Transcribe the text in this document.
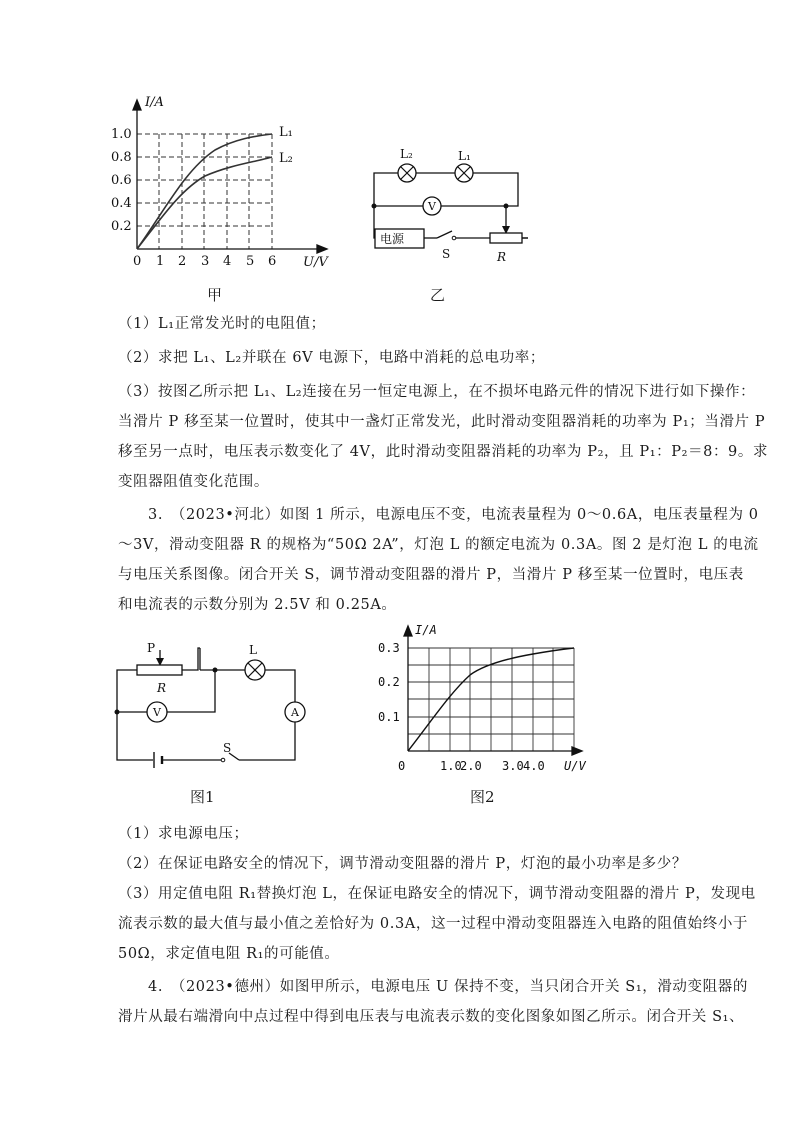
I/A
U/V
1.0
0.8
0.6
0.4
0.2
0 1 2 3 4 5 6
L₁
L₂
甲
L₂	L₁
V
电源
S	R
乙
（1）L₁正常发光时的电阻值；
（2）求把 L₁、L₂并联在 6V 电源下，电路中消耗的总电功率；
（3）按图乙所示把 L₁、L₂连接在另一恒定电源上，在不损坏电路元件的情况下进行如下操作：
当滑片 P 移至某一位置时，使其中一盏灯正常发光，此时滑动变阻器消耗的功率为 P₁；当滑片 P
移至另一点时，电压表示数变化了 4V，此时滑动变阻器消耗的功率为 P₂，且 P₁：P₂＝8：9。求
变阻器阻值变化范围。
3.　（2023•河北）如图 1 所示，电源电压不变，电流表量程为 0～0.6A，电压表量程为 0
～3V，滑动变阻器 R 的规格为“50Ω 2A”，灯泡 L 的额定电流为 0.3A。图 2 是灯泡 L 的电流
与电压关系图像。闭合开关 S，调节滑动变阻器的滑片 P，当滑片 P 移至某一位置时，电压表
和电流表的示数分别为 2.5V 和 0.25A。
P
R
L
V	A
S
图1
I/A
U/V
0.3
0.2
0.1
0	1.0
2.0 3.0 4.0
图2
（1）求电源电压；
（2）在保证电路安全的情况下，调节滑动变阻器的滑片 P，灯泡的最小功率是多少？
（3）用定值电阻 R₁替换灯泡 L，在保证电路安全的情况下，调节滑动变阻器的滑片 P，发现电
流表示数的最大值与最小值之差恰好为 0.3A，这一过程中滑动变阻器连入电路的阻值始终小于
50Ω，求定值电阻 R₁的可能值。
4.　（2023•德州）如图甲所示，电源电压 U 保持不变，当只闭合开关 S₁，滑动变阻器的
滑片从最右端滑向中点过程中得到电压表与电流表示数的变化图象如图乙所示。闭合开关 S₁、
